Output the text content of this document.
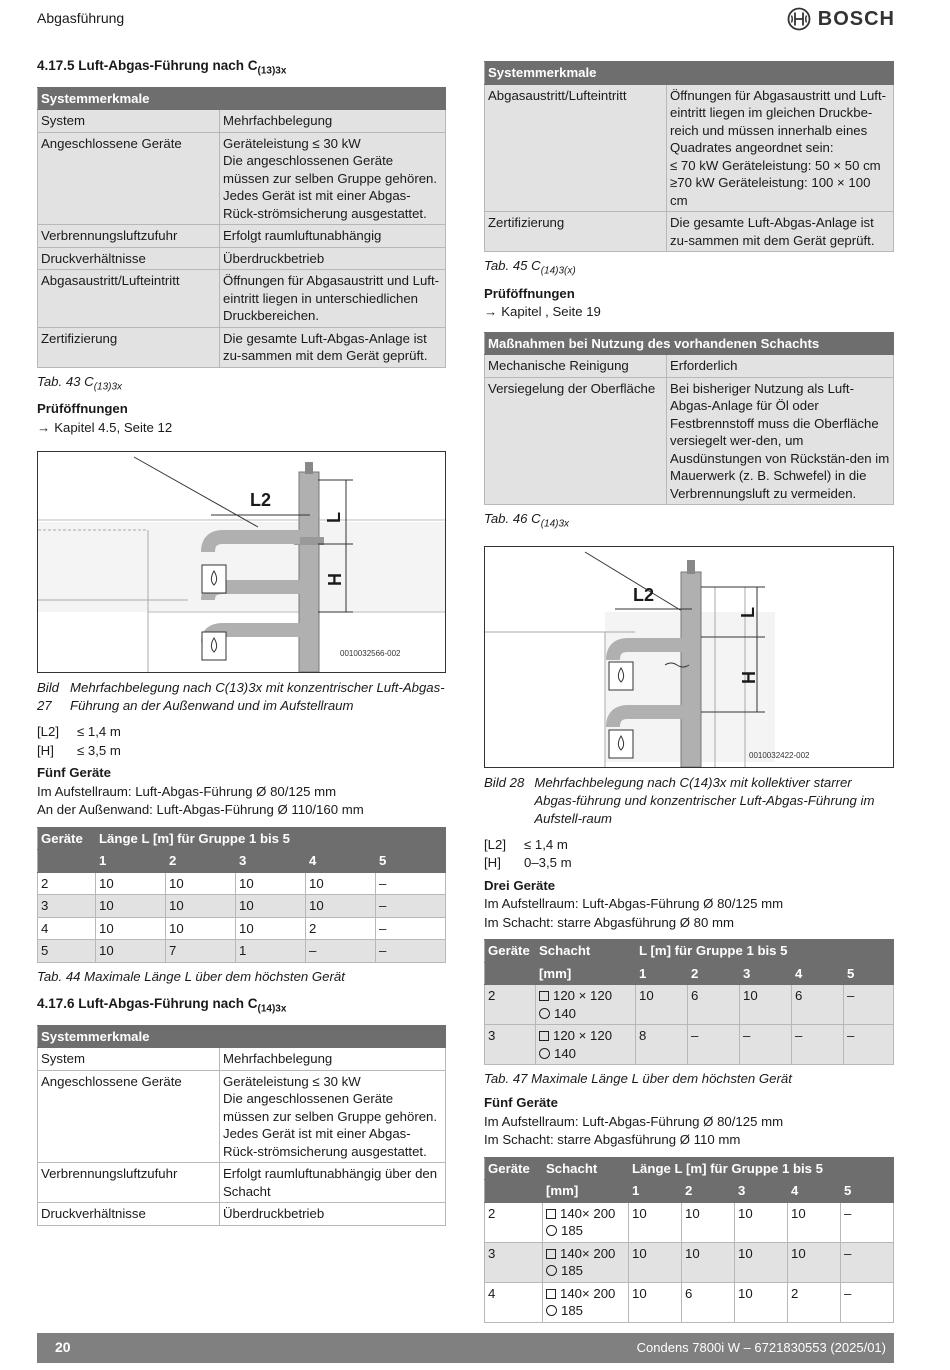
Abgasführung	BOSCH
4.17.5 Luft-Abgas-Führung nach $C_{(13)3x}$
Systemmerkmale	
System	Mehrfachbelegung
Angeschlossene Geräte	Geräteleistung ≤ 30 kW
Die angeschlossenen Geräte müssen zur selben Gruppe gehören.
Jedes Gerät ist mit einer Abgas-Rück-strömsicherung ausgestattet.
Verbrennungsluftzufuhr	Erfolgt raumluftunabhängig
Druckverhältnisse	Überdruckbetrieb
Abgasaustritt/Lufteintritt	Öffnungen für Abgasaustritt und Luft-eintritt liegen in unterschiedlichen Druckbereichen.
Zertifizierung	Die gesamte Luft-Abgas-Anlage ist zu-sammen mit dem Gerät geprüft.
Tab. 43 $C_{(13)3x}$
Prüföffnungen
→ Kapitel 4.5, Seite 12
L2
L
H
0010032566-002
Bild 27
Mehrfachbelegung nach C(13)3x mit konzentrischer Luft-Abgas-Führung an der Außenwand und im Aufstellraum
[L2] ≤ 1,4 m
[H] ≤ 3,5 m
Fünf Geräte
Im Aufstellraum: Luft-Abgas-Führung Ø 80/125 mm
An der Außenwand: Luft-Abgas-Führung Ø 110/160 mm
Geräte	Länge L [m] für Gruppe 1 bis 5				
	1	2	3	4	5
2	10	10	10	10	–
3	10	10	10	10	–
4	10	10	10	2	–
5	10	7	1	–	–
Tab. 44 Maximale Länge L über dem höchsten Gerät
4.17.6 Luft-Abgas-Führung nach $C_{(14)3x}$
Systemmerkmale	
System	Mehrfachbelegung
Angeschlossene Geräte	Geräteleistung ≤ 30 kW
Die angeschlossenen Geräte müssen zur selben Gruppe gehören.
Jedes Gerät ist mit einer Abgas-Rück-strömsicherung ausgestattet.
Verbrennungsluftzufuhr	Erfolgt raumluftunabhängig über den Schacht
Druckverhältnisse	Überdruckbetrieb
Systemmerkmale	
Abgasaustritt/Lufteintritt	Öffnungen für Abgasaustritt und Luft-eintritt liegen im gleichen Druckbe-reich und müssen innerhalb eines Quadrates angeordnet sein:
≤ 70 kW Geräteleistung: 50 × 50 cm
≥70 kW Geräteleistung: 100 × 100 cm
Zertifizierung	Die gesamte Luft-Abgas-Anlage ist zu-sammen mit dem Gerät geprüft.
Tab. 45 $C_{(14)3(x)}$
Prüföffnungen
→ Kapitel , Seite 19
Maßnahmen bei Nutzung des vorhandenen Schachts	
Mechanische Reinigung	Erforderlich
Versiegelung der Oberfläche	Bei bisheriger Nutzung als Luft-Abgas-Anlage für Öl oder Festbrennstoff muss die Oberfläche versiegelt wer-den, um Ausdünstungen von Rückstän-den im Mauerwerk (z. B. Schwefel) in die Verbrennungsluft zu vermeiden.
Tab. 46 $C_{(14)3x}$
L2
L
H
0010032422-002
Bild 28 Mehrfachbelegung nach C(14)3x mit kollektiver starrer Abgas-führung und konzentrischer Luft-Abgas-Führung im Aufstell-raum
[L2] ≤ 1,4 m
[H] 0–3,5 m
Drei Geräte
Im Aufstellraum: Luft-Abgas-Führung Ø 80/125 mm
Im Schacht: starre Abgasführung Ø 80 mm
Geräte	Schacht	L [m] für Gruppe 1 bis 5				
	[mm]	1	2	3	4	5
2	120 × 120
140	10	6	10	6	–
3	120 × 120
140	8	–	–	–	–
Tab. 47 Maximale Länge L über dem höchsten Gerät
Fünf Geräte
Im Aufstellraum: Luft-Abgas-Führung Ø 80/125 mm
Im Schacht: starre Abgasführung Ø 110 mm
Geräte	Schacht	Länge L [m] für Gruppe 1 bis 5				
	[mm]	1	2	3	4	5
2	140× 200
185	10	10	10	10	–
3	140× 200
185	10	10	10	10	–
4	140× 200
185	10	6	10	2	–
20	Condens 7800i W – 6721830553 (2025/01)
